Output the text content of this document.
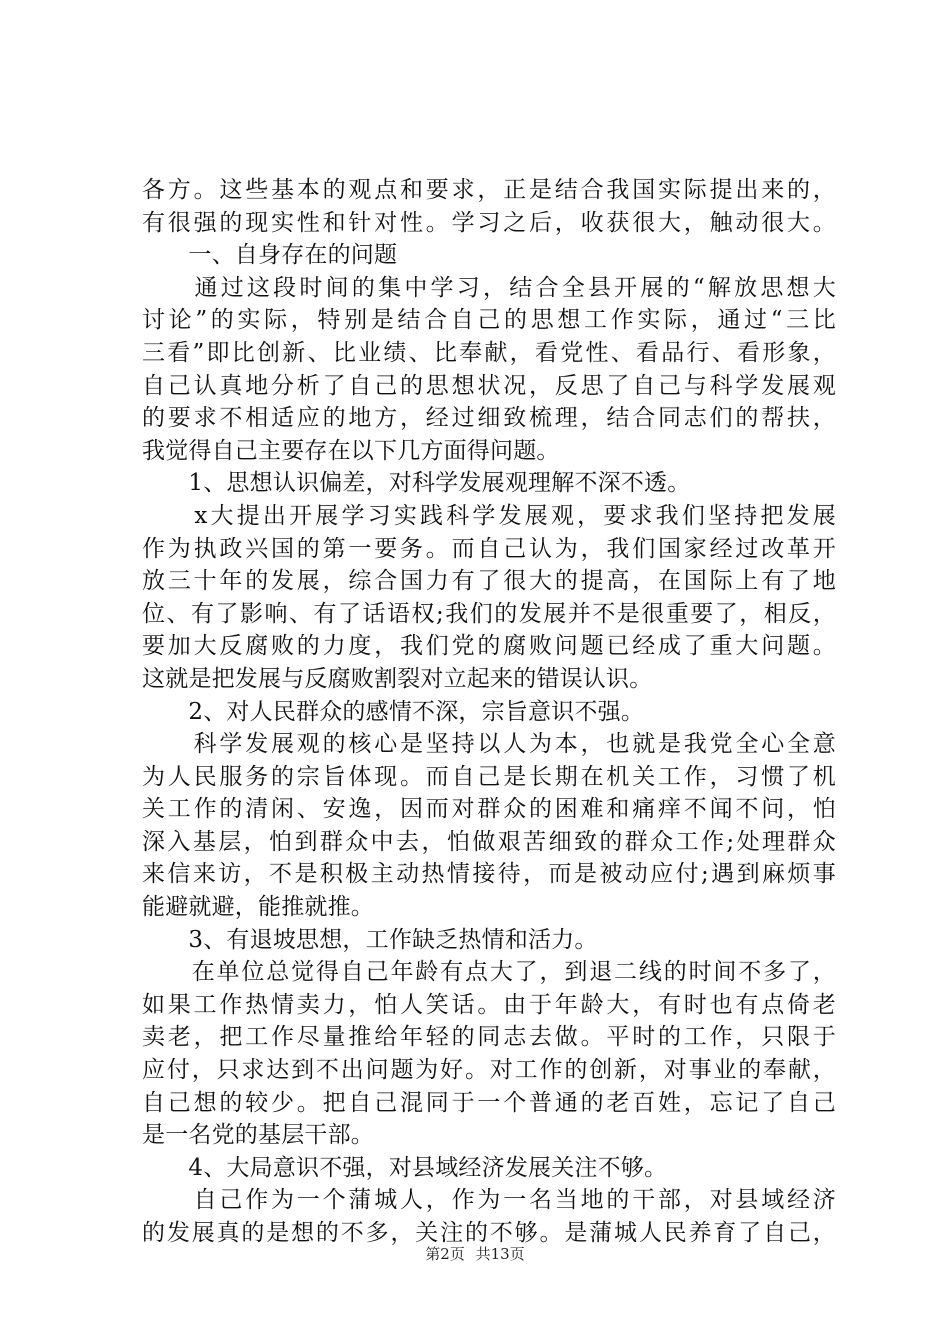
各方。这些基本的观点和要求，正是结合我国实际提出来的，
有很强的现实性和针对性。学习之后，收获很大，触动很大。
　　一、自身存在的问题
　　通过这段时间的集中学习，结合全县开展的“解放思想大
讨论”的实际，特别是结合自己的思想工作实际，通过“三比
三看”即比创新、比业绩、比奉献，看党性、看品行、看形象，
自己认真地分析了自己的思想状况，反思了自己与科学发展观
的要求不相适应的地方，经过细致梳理，结合同志们的帮扶，
我觉得自己主要存在以下几方面得问题。
　　1、思想认识偏差，对科学发展观理解不深不透。
　　x大提出开展学习实践科学发展观，要求我们坚持把发展
作为执政兴国的第一要务。而自己认为，我们国家经过改革开
放三十年的发展，综合国力有了很大的提高，在国际上有了地
位、有了影响、有了话语权;我们的发展并不是很重要了，相反，
要加大反腐败的力度，我们党的腐败问题已经成了重大问题。
这就是把发展与反腐败割裂对立起来的错误认识。
　　2、对人民群众的感情不深，宗旨意识不强。
　　科学发展观的核心是坚持以人为本，也就是我党全心全意
为人民服务的宗旨体现。而自己是长期在机关工作，习惯了机
关工作的清闲、安逸，因而对群众的困难和痛痒不闻不问，怕
深入基层，怕到群众中去，怕做艰苦细致的群众工作;处理群众
来信来访，不是积极主动热情接待，而是被动应付;遇到麻烦事
能避就避，能推就推。
　　3、有退坡思想，工作缺乏热情和活力。
　　在单位总觉得自己年龄有点大了，到退二线的时间不多了，
如果工作热情卖力，怕人笑话。由于年龄大，有时也有点倚老
卖老，把工作尽量推给年轻的同志去做。平时的工作，只限于
应付，只求达到不出问题为好。对工作的创新，对事业的奉献，
自己想的较少。把自己混同于一个普通的老百姓，忘记了自己
是一名党的基层干部。
　　4、大局意识不强，对县域经济发展关注不够。
　　自己作为一个蒲城人，作为一名当地的干部，对县域经济
的发展真的是想的不多，关注的不够。是蒲城人民养育了自己，
第2页 共13页
